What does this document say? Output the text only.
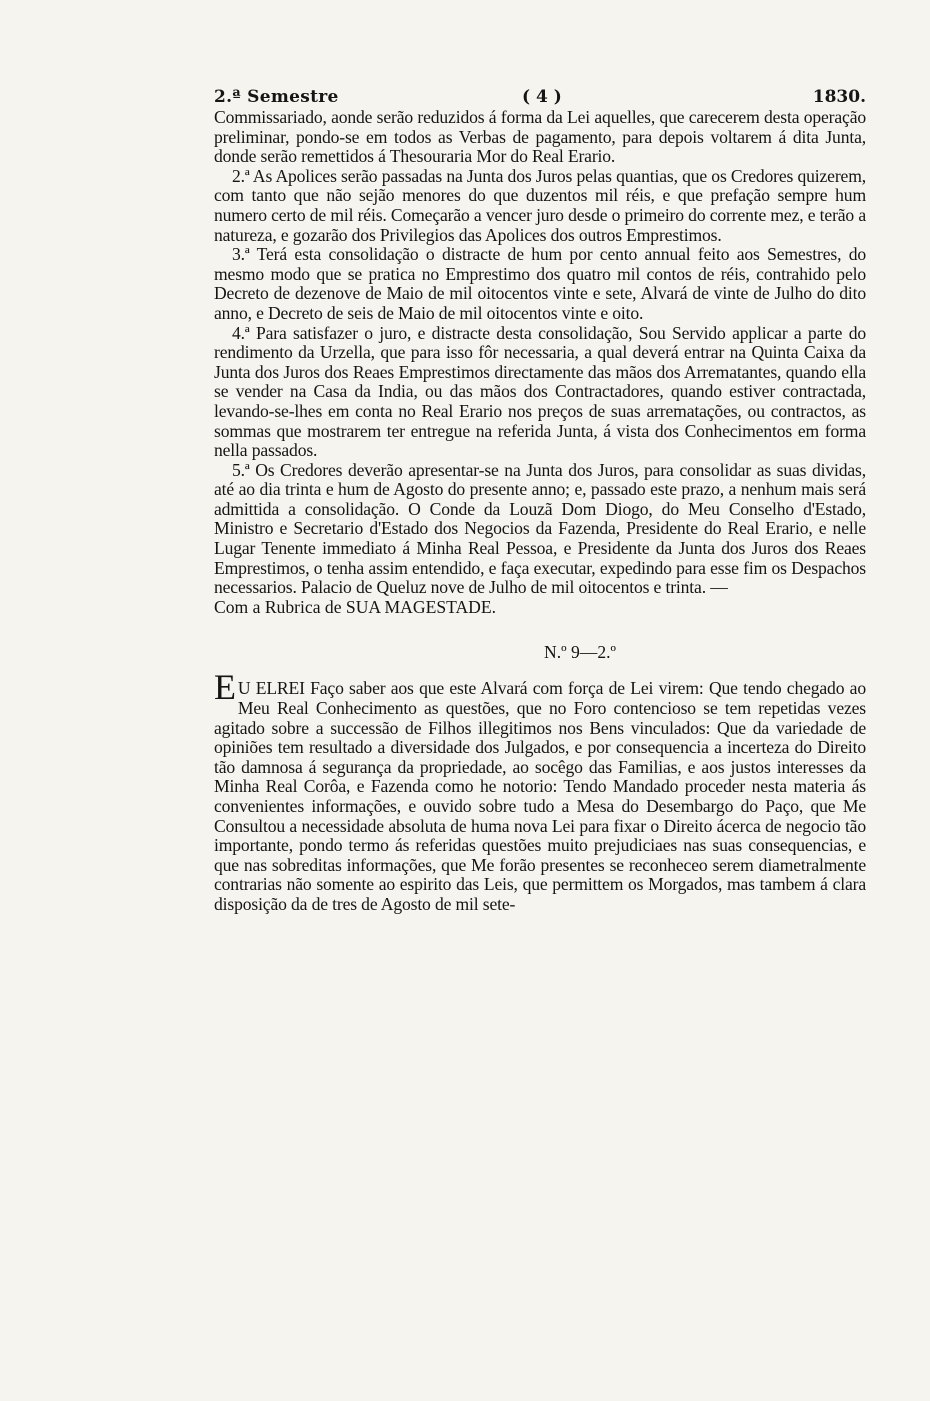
2.ª Semestre	( 4 )	1830.

Commissariado, aonde serão reduzidos á forma da Lei aquelles, que carecerem desta operação preliminar, pondo-se em todos as Verbas de pagamento, para depois voltarem á dita Junta, donde serão remettidos á Thesouraria Mor do Real Erario.

2.ª As Apolices serão passadas na Junta dos Juros pelas quantias, que os Credores quizerem, com tanto que não sejão menores do que duzentos mil réis, e que prefação sempre hum numero certo de mil réis. Começarão a vencer juro desde o primeiro do corrente mez, e terão a natureza, e gozarão dos Privilegios das Apolices dos outros Emprestimos.

3.ª Terá esta consolidação o distracte de hum por cento annual feito aos Semestres, do mesmo modo que se pratica no Emprestimo dos quatro mil contos de réis, contrahido pelo Decreto de dezenove de Maio de mil oitocentos vinte e sete, Alvará de vinte de Julho do dito anno, e Decreto de seis de Maio de mil oitocentos vinte e oito.

4.ª Para satisfazer o juro, e distracte desta consolidação, Sou Servido applicar a parte do rendimento da Urzella, que para isso fôr necessaria, a qual deverá entrar na Quinta Caixa da Junta dos Juros dos Reaes Emprestimos directamente das mãos dos Arrematantes, quando ella se vender na Casa da India, ou das mãos dos Contractadores, quando estiver contractada, levando-se-lhes em conta no Real Erario nos preços de suas arrematações, ou contractos, as sommas que mostrarem ter entregue na referida Junta, á vista dos Conhecimentos em forma nella passados.

5.ª Os Credores deverão apresentar-se na Junta dos Juros, para consolidar as suas dividas, até ao dia trinta e hum de Agosto do presente anno; e, passado este prazo, a nenhum mais será admittida a consolidação. O Conde da Louzã Dom Diogo, do Meu Conselho d'Estado, Ministro e Secretario d'Estado dos Negocios da Fazenda, Presidente do Real Erario, e nelle Lugar Tenente immediato á Minha Real Pessoa, e Presidente da Junta dos Juros dos Reaes Emprestimos, o tenha assim entendido, e faça executar, expedindo para esse fim os Despachos necessarios. Palacio de Queluz nove de Julho de mil oitocentos e trinta. —

Com a Rubrica de SUA MAGESTADE.
N.º 9—2.º

E U ELREI Faço saber aos que este Alvará com força de Lei virem: Que tendo chegado ao Meu Real Conhecimento as questões, que no Foro contencioso se tem repetidas vezes agitado sobre a successão de Filhos illegitimos nos Bens vinculados: Que da variedade de opiniões tem resultado a diversidade dos Julgados, e por consequencia a incerteza do Direito tão damnosa á segurança da propriedade, ao socêgo das Familias, e aos justos interesses da Minha Real Corôa, e Fazenda como he notorio: Tendo Mandado proceder nesta materia ás convenientes informações, e ouvido sobre tudo a Mesa do Desembargo do Paço, que Me Consultou a necessidade absoluta de huma nova Lei para fixar o Direito ácerca de negocio tão importante, pondo termo ás referidas questões muito prejudiciaes nas suas consequencias, e que nas sobreditas informações, que Me forão presentes se reconheceo serem diametralmente contrarias não somente ao espirito das Leis, que permittem os Morgados, mas tambem á clara disposição da de tres de Agosto de mil sete-
